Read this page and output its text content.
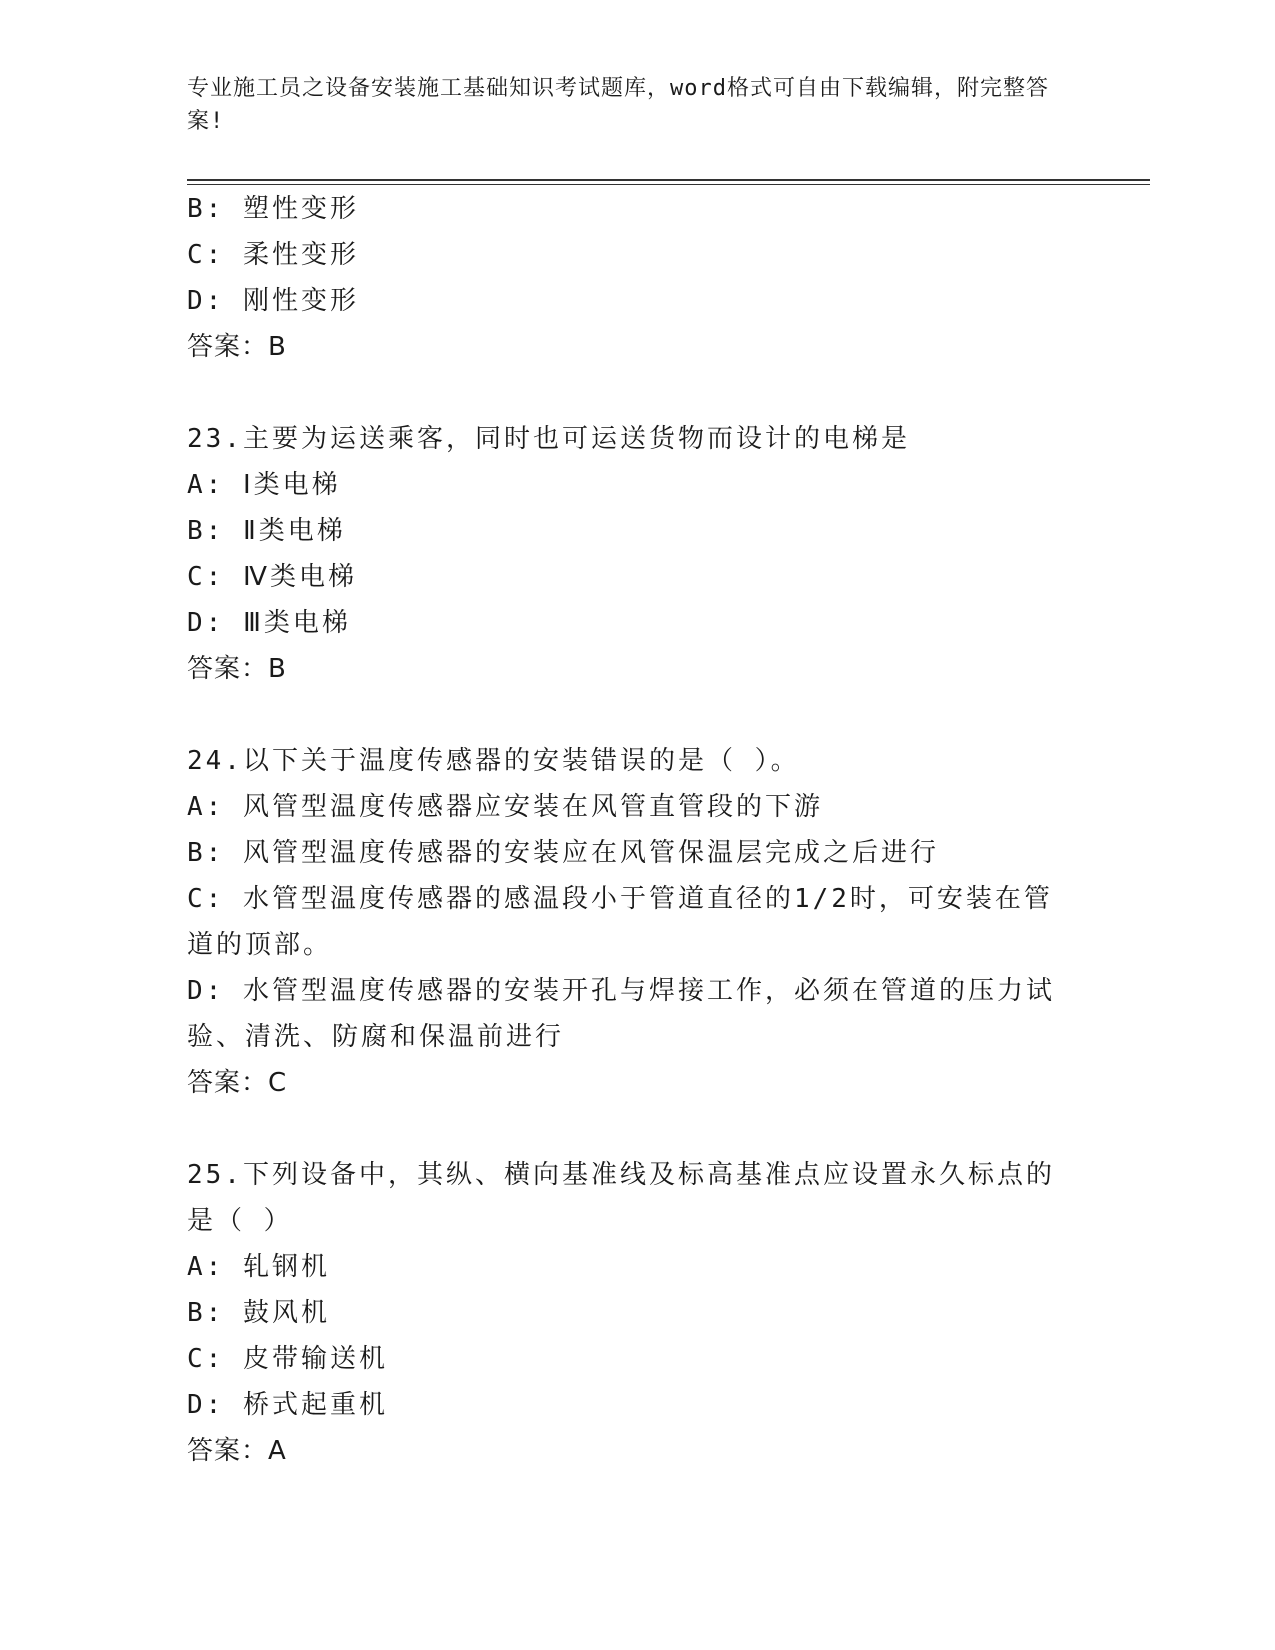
专业施工员之设备安装施工基础知识考试题库，word格式可自由下载编辑，附完整答案!
B: 塑性变形
C: 柔性变形
D: 刚性变形
答案：B
23.主要为运送乘客，同时也可运送货物而设计的电梯是
A: Ⅰ类电梯
B: Ⅱ类电梯
C: Ⅳ类电梯
D: Ⅲ类电梯
答案：B
24.以下关于温度传感器的安装错误的是（ ）。
A: 风管型温度传感器应安装在风管直管段的下游
B: 风管型温度传感器的安装应在风管保温层完成之后进行
C: 水管型温度传感器的感温段小于管道直径的1/2时，可安装在管道的顶部。
D: 水管型温度传感器的安装开孔与焊接工作，必须在管道的压力试验、清洗、防腐和保温前进行
答案：C
25.下列设备中，其纵、横向基准线及标高基准点应设置永久标点的是（ ）
A: 轧钢机
B: 鼓风机
C: 皮带输送机
D: 桥式起重机
答案：A
